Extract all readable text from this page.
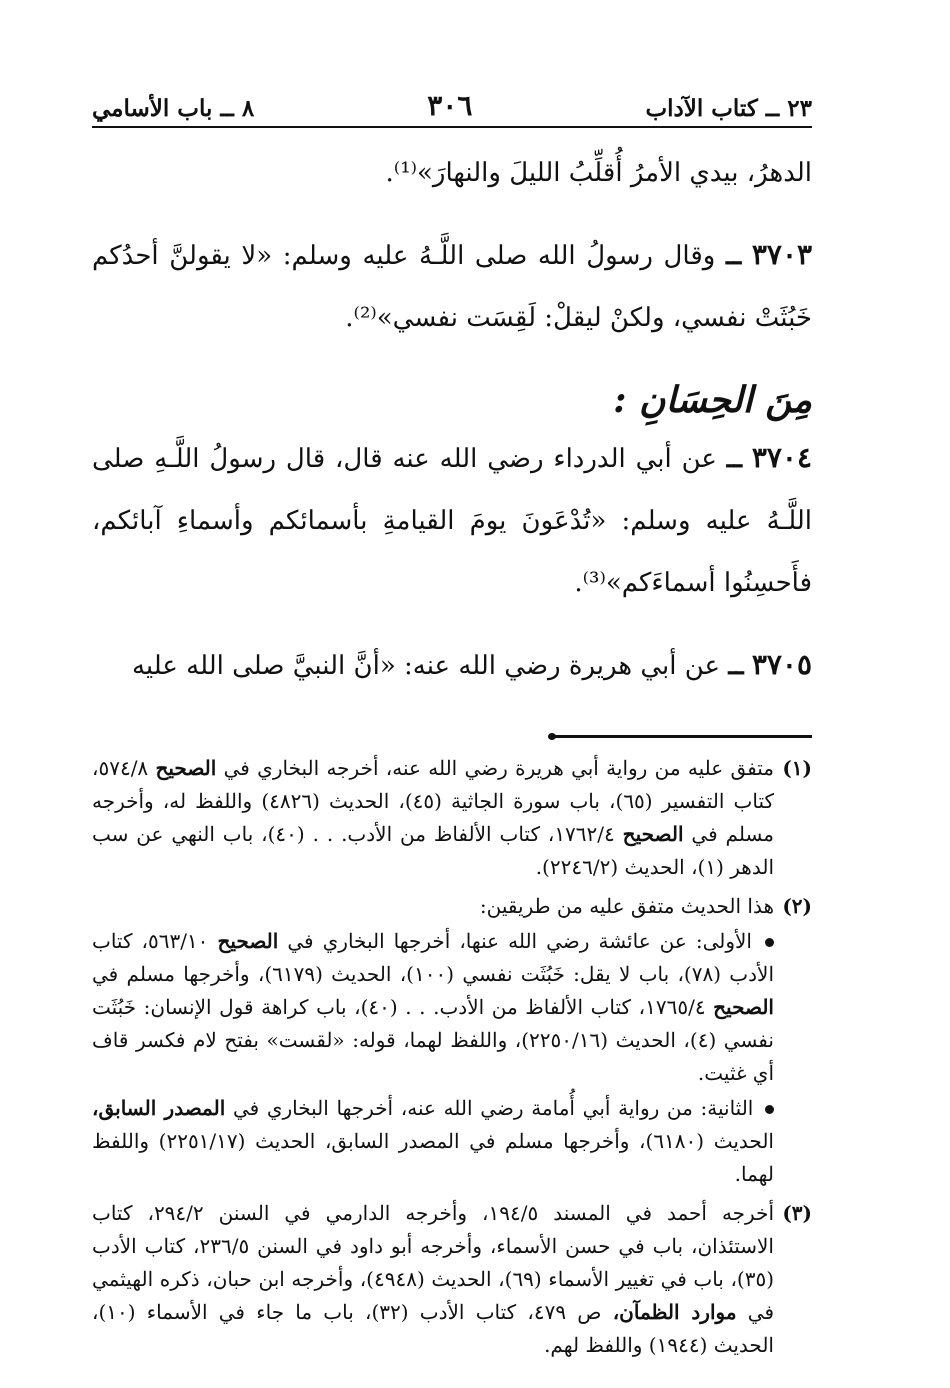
٢٣ ــ كتاب الآداب
٣٠٦
٨ ــ باب الأسامي

الدهرُ، بيدي الأمرُ أُقلِّبُ الليلَ والنهارَ»⁽¹⁾.

٣٧٠٣ ــ وقال رسولُ الله صلى اللَّـهُ عليه وسلم: «لا يقولنَّ أحدُكم خَبُثَتْ نفسي، ولكنْ ليقلْ: لَقِسَت نفسي»⁽²⁾.

مِنَ الحِسَانِ :

٣٧٠٤ ــ عن أبي الدرداء رضي الله عنه قال، قال رسولُ اللَّـهِ صلى اللَّـهُ عليه وسلم: «تُدْعَونَ يومَ القيامةِ بأسمائكم وأسماءِ آبائكم، فأَحسِنُوا أسماءَكم»⁽³⁾.

٣٧٠٥ ــ عن أبي هريرة رضي الله عنه: «أنَّ النبيَّ صلى الله عليه

(١)
متفق عليه من رواية أبي هريرة رضي الله عنه، أخرجه البخاري في الصحيح ٥٧٤/٨، كتاب التفسير (٦٥)، باب سورة الجاثية (٤٥)، الحديث (٤٨٢٦) واللفظ له، وأخرجه مسلم في الصحيح ١٧٦٢/٤، كتاب الألفاظ من الأدب. . . (٤٠)، باب النهي عن سب الدهر (١)، الحديث (٢٢٤٦/٢).
(٢)
هذا الحديث متفق عليه من طريقين:
الأولى: عن عائشة رضي الله عنها، أخرجها البخاري في الصحيح ٥٦٣/١٠، كتاب الأدب (٧٨)، باب لا يقل: خَبُثَت نفسي (١٠٠)، الحديث (٦١٧٩)، وأخرجها مسلم في الصحيح ١٧٦٥/٤، كتاب الألفاظ من الأدب. . . (٤٠)، باب كراهة قول الإنسان: خَبُثَت نفسي (٤)، الحديث (٢٢٥٠/١٦)، واللفظ لهما، قوله: «لقست» بفتح لام فكسر قاف أي غثيت.
الثانية: من رواية أبي أُمامة رضي الله عنه، أخرجها البخاري في المصدر السابق، الحديث (٦١٨٠)، وأخرجها مسلم في المصدر السابق، الحديث (٢٢٥١/١٧) واللفظ لهما.
(٣)
أخرجه أحمد في المسند ١٩٤/٥، وأخرجه الدارمي في السنن ٢٩٤/٢، كتاب الاستئذان، باب في حسن الأسماء، وأخرجه أبو داود في السنن ٢٣٦/٥، كتاب الأدب (٣٥)، باب في تغيير الأسماء (٦٩)، الحديث (٤٩٤٨)، وأخرجه ابن حبان، ذكره الهيثمي في موارد الظمآن، ص ٤٧٩، كتاب الأدب (٣٢)، باب ما جاء في الأسماء (١٠)، الحديث (١٩٤٤) واللفظ لهم.
